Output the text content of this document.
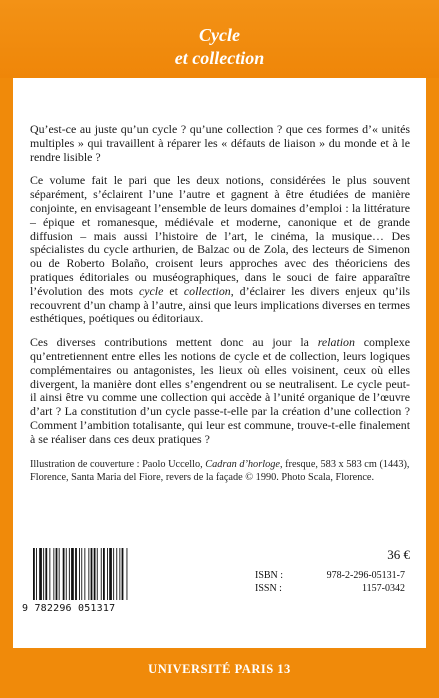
Cycle
et collection

Qu’est-ce au juste qu’un cycle ? qu’une collection ? que ces formes d’« unités multiples » qui travaillent à réparer les « défauts de liaison » du monde et à le rendre lisible ?

Ce volume fait le pari que les deux notions, considérées le plus souvent séparément, s’éclairent l’une l’autre et gagnent à être étudiées de manière conjointe, en envisageant l’ensemble de leurs domaines d’emploi : la littérature – épique et romanesque, médiévale et moderne, canonique et de grande diffusion – mais aussi l’histoire de l’art, le cinéma, la musique… Des spécialistes du cycle arthurien, de Balzac ou de Zola, des lecteurs de Simenon ou de Roberto Bolaño, croisent leurs approches avec des théoriciens des pratiques éditoriales ou muséographiques, dans le souci de faire apparaître l’évolution des mots cycle et collection, d’éclairer les divers enjeux qu’ils recouvrent d’un champ à l’autre, ainsi que leurs implications diverses en termes esthétiques, poétiques ou éditoriaux.

Ces diverses contributions mettent donc au jour la relation complexe qu’entretiennent entre elles les notions de cycle et de collection, leurs logiques complémentaires ou antagonistes, les lieux où elles voisinent, ceux où elles divergent, la manière dont elles s’engendrent ou se neutralisent. Le cycle peut-il ainsi être vu comme une collection qui accède à l’unité organique de l’œuvre d’art ? La constitution d’un cycle passe-t-elle par la création d’une collection ? Comment l’ambition totalisante, qui leur est commune, trouve-t-elle finalement à se réaliser dans ces deux pratiques ?

Illustration de couverture : Paolo Uccello, Cadran d’horloge, fresque, 583 x 583 cm (1443), Florence, Santa Maria del Fiore, revers de la façade © 1990. Photo Scala, Florence.
9 782296 051317
36 €
ISBN :	978-2-296-05131-7
ISSN :	1157-0342
UNIVERSITÉ PARIS 13
